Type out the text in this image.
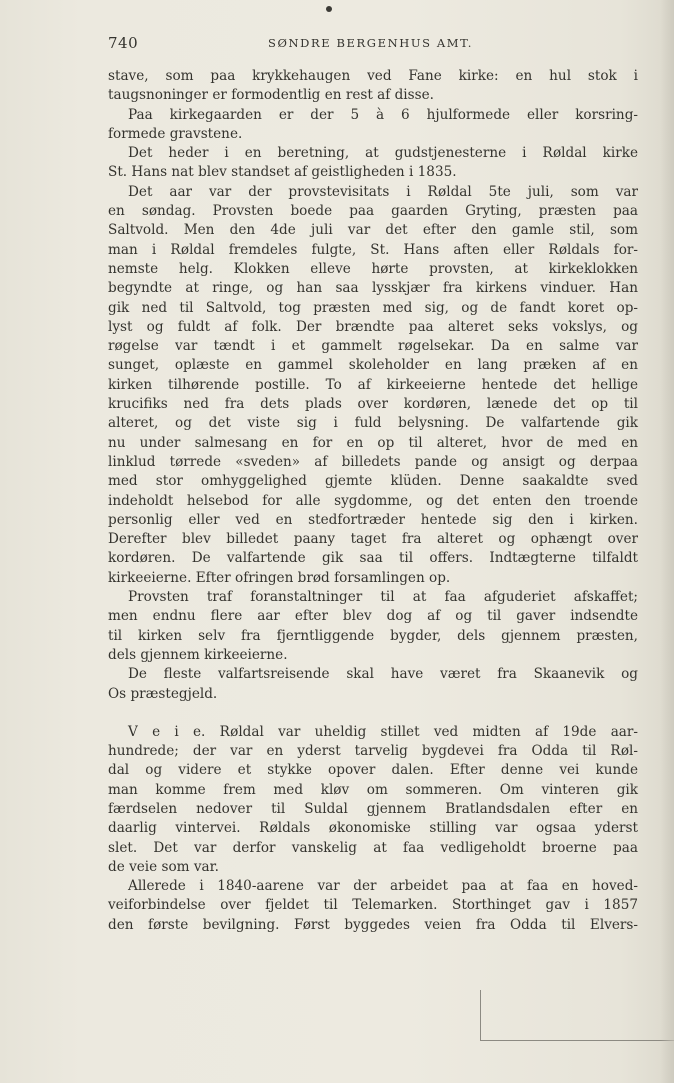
740	SØNDRE BERGENHUS AMT.
stave, som paa krykkehaugen ved Fane kirke: en hul stok i
taugsnoninger er formodentlig en rest af disse.
Paa kirkegaarden er der 5 à 6 hjulformede eller korsring-
formede gravstene.
Det heder i en beretning, at gudstjenesterne i Røldal kirke
St. Hans nat blev standset af geistligheden i 1835.
Det aar var der provstevisitats i Røldal 5te juli, som var
en søndag. Provsten boede paa gaarden Gryting, præsten paa
Saltvold. Men den 4de juli var det efter den gamle stil, som
man i Røldal fremdeles fulgte, St. Hans aften eller Røldals for-
nemste helg. Klokken elleve hørte provsten, at kirkeklokken
begyndte at ringe, og han saa lysskjær fra kirkens vinduer. Han
gik ned til Saltvold, tog præsten med sig, og de fandt koret op-
lyst og fuldt af folk. Der brændte paa alteret seks vokslys, og
røgelse var tændt i et gammelt røgelsekar. Da en salme var
sunget, oplæste en gammel skoleholder en lang præken af en
kirken tilhørende postille. To af kirkeeierne hentede det hellige
krucifiks ned fra dets plads over kordøren, lænede det op til
alteret, og det viste sig i fuld belysning. De valfartende gik
nu under salmesang en for en op til alteret, hvor de med en
linklud tørrede «sveden» af billedets pande og ansigt og derpaa
med stor omhyggelighed gjemte klüden. Denne saakaldte sved
indeholdt helsebod for alle sygdomme, og det enten den troende
personlig eller ved en stedfortræder hentede sig den i kirken.
Derefter blev billedet paany taget fra alteret og ophængt over
kordøren. De valfartende gik saa til offers. Indtægterne tilfaldt
kirkeeierne. Efter ofringen brød forsamlingen op.
Provsten traf foranstaltninger til at faa afguderiet afskaffet;
men endnu flere aar efter blev dog af og til gaver indsendte
til kirken selv fra fjerntliggende bygder, dels gjennem præsten,
dels gjennem kirkeeierne.
De fleste valfartsreisende skal have været fra Skaanevik og
Os præstegjeld.
V e i e. Røldal var uheldig stillet ved midten af 19de aar-
hundrede; der var en yderst tarvelig bygdevei fra Odda til Røl-
dal og videre et stykke opover dalen. Efter denne vei kunde
man komme frem med kløv om sommeren. Om vinteren gik
færdselen nedover til Suldal gjennem Bratlandsdalen efter en
daarlig vintervei. Røldals økonomiske stilling var ogsaa yderst
slet. Det var derfor vanskelig at faa vedligeholdt broerne paa
de veie som var.
Allerede i 1840-aarene var der arbeidet paa at faa en hoved-
veiforbindelse over fjeldet til Telemarken. Storthinget gav i 1857
den første bevilgning. Først byggedes veien fra Odda til Elvers-
